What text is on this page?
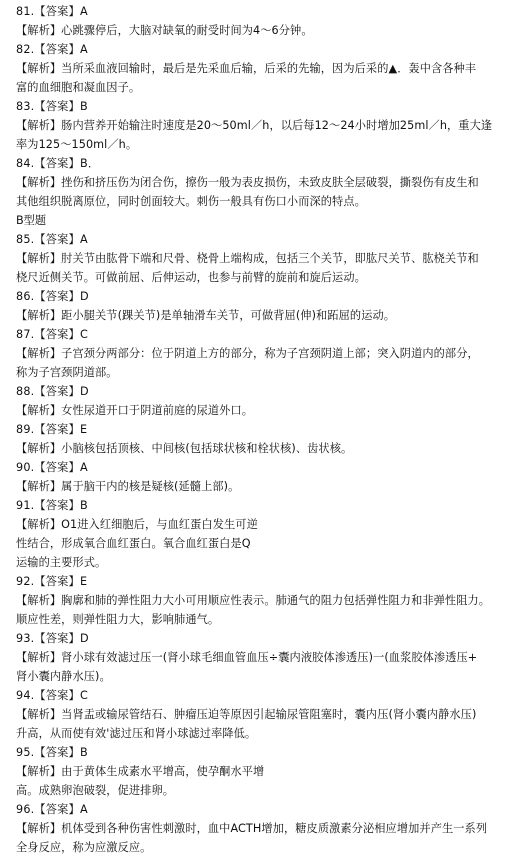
81.【答案】A
【解析】心跳骤停后，大脑对缺氧的耐受时间为4～6分钟。
82.【答案】A
【解析】当所采血液回输时，最后是先采血后输，后采的先输，因为后采的▲．轰中含各种丰
富的血细胞和凝血因子。
83.【答案】B
【解析】肠内营养开始输注时速度是20～50ml／h，以后每12～24小时增加25ml／h，重大逢
率为125～150ml／h。
84.【答案】B．
【解析】挫伤和挤压伤为闭合伤，擦伤一般为表皮损伤，未致皮肤全层破裂，撕裂伤有皮生和
其他组织脱离原位，同时创面较大。刺伤一般具有伤口小而深的特点。
B型题
85.【答案】A
【解析】肘关节由肱骨下端和尺骨、桡骨上端构成，包括三个关节，即肱尺关节、肱桡关节和
桡尺近侧关节。可做前屈、后伸运动，也参与前臂的旋前和旋后运动。
86.【答案】D
【解析】距小腿关节(踝关节)是单轴滑车关节，可做背屈(伸)和跖屈的运动。
87.【答案】C
【解析】子宫颈分两部分：位于阴道上方的部分，称为子宫颈阴道上部；突入阴道内的部分，
称为子宫颈阴道部。
88.【答案】D
【解析】女性尿道开口于阴道前庭的尿道外口。
89.【答案】E
【解析】小脑核包括顶核、中间核(包括球状核和栓状核)、齿状核。
90.【答案】A
【解析】属于脑干内的核是疑核(延髓上部)。
91.【答案】B
【解析】O1进入红细胞后，与血红蛋白发生可逆
性结合，形成氧合血红蛋白。氧合血红蛋白是Q
运输的主要形式。
92.【答案】E
【解析】胸廓和肺的弹性阻力大小可用顺应性表示。肺通气的阻力包括弹性阻力和非弹性阻力。
顺应性差，则弹性阻力大，影响肺通气。
93.【答案】D
【解析】肾小球有效滤过压一(肾小球毛细血管血压÷囊内液胶体渗透压)一(血浆胶体渗透压+
肾小囊内静水压)。
94.【答案】C
【解析】当肾盂或输尿管结石、肿瘤压迫等原因引起输尿管阻塞时，囊内压(肾小囊内静水压)
升高，从而使有效'滤过压和肾小球滤过率降低。
95.【答案】B
【解析】由于黄体生成素水平增高，使孕酮水平增
高。成熟卵泡破裂，促进排卵。
96.【答案】A
【解析】机体受到各种伤害性刺激时，血中ACTH增加，糖皮质激素分泌相应增加并产生一系列
全身反应，称为应激反应。
